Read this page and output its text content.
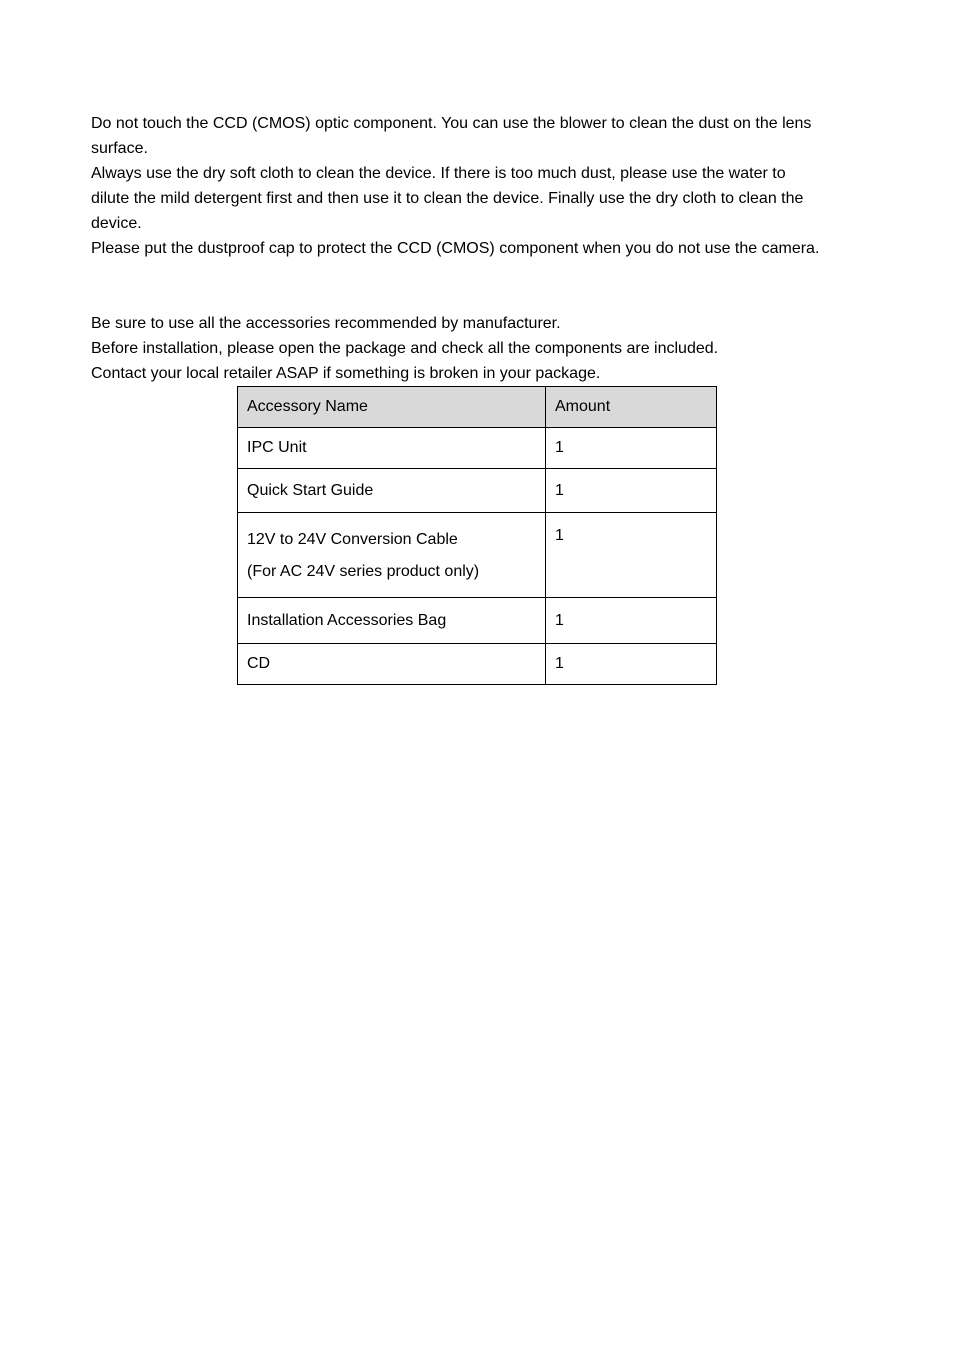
Do not touch the CCD (CMOS) optic component. You can use the blower to clean the dust on the lens

surface.

Always use the dry soft cloth to clean the device. If there is too much dust, please use the water to

dilute the mild detergent first and then use it to clean the device. Finally use the dry cloth to clean the

device.

Please put the dustproof cap to protect the CCD (CMOS) component when you do not use the camera.

Be sure to use all the accessories recommended by manufacturer.

Before installation, please open the package and check all the components are included.

Contact your local retailer ASAP if something is broken in your package.

Accessory Name	Amount
IPC Unit	1
Quick Start Guide	1

12V to 24V Conversion Cable
(For AC 24V series product only)	1
Installation Accessories Bag	1
CD	1
